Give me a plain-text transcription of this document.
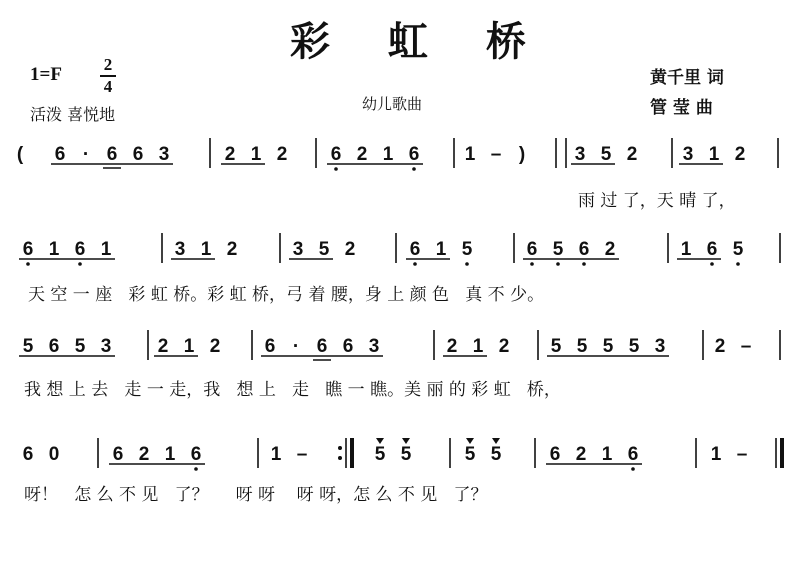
彩 虹 桥
1=F 2
4
活泼 喜悦地
幼儿歌曲
黄千里 词
管 莹 曲
( 6 · 6 6 3	2 1 2 6 2 1 6 1 – )	3 5 2 3 1 2
雨 过 了，天 晴 了，
6 1 6 1	3 1 2	3 5 2	6 1 5	6 5 6 2	1 6 5
天 空 一 座   彩 虹 桥。彩 虹 桥，弓 着 腰，身 上 颜 色   真 不 少。
5 6 5 3 2 1 2 6 · 6 6 3	2 1 2 5 5 5 5 3	2 –
我 想 上 去   走 一 走，我   想 上   走   瞧 一 瞧。美 丽 的 彩 虹   桥，
6 0	6 2 1 6	1 –	5 5	5 5	6 2 1 6	1 –
呀！   怎 么 不 见   了？     呀 呀    呀 呀，怎 么 不 见   了？
